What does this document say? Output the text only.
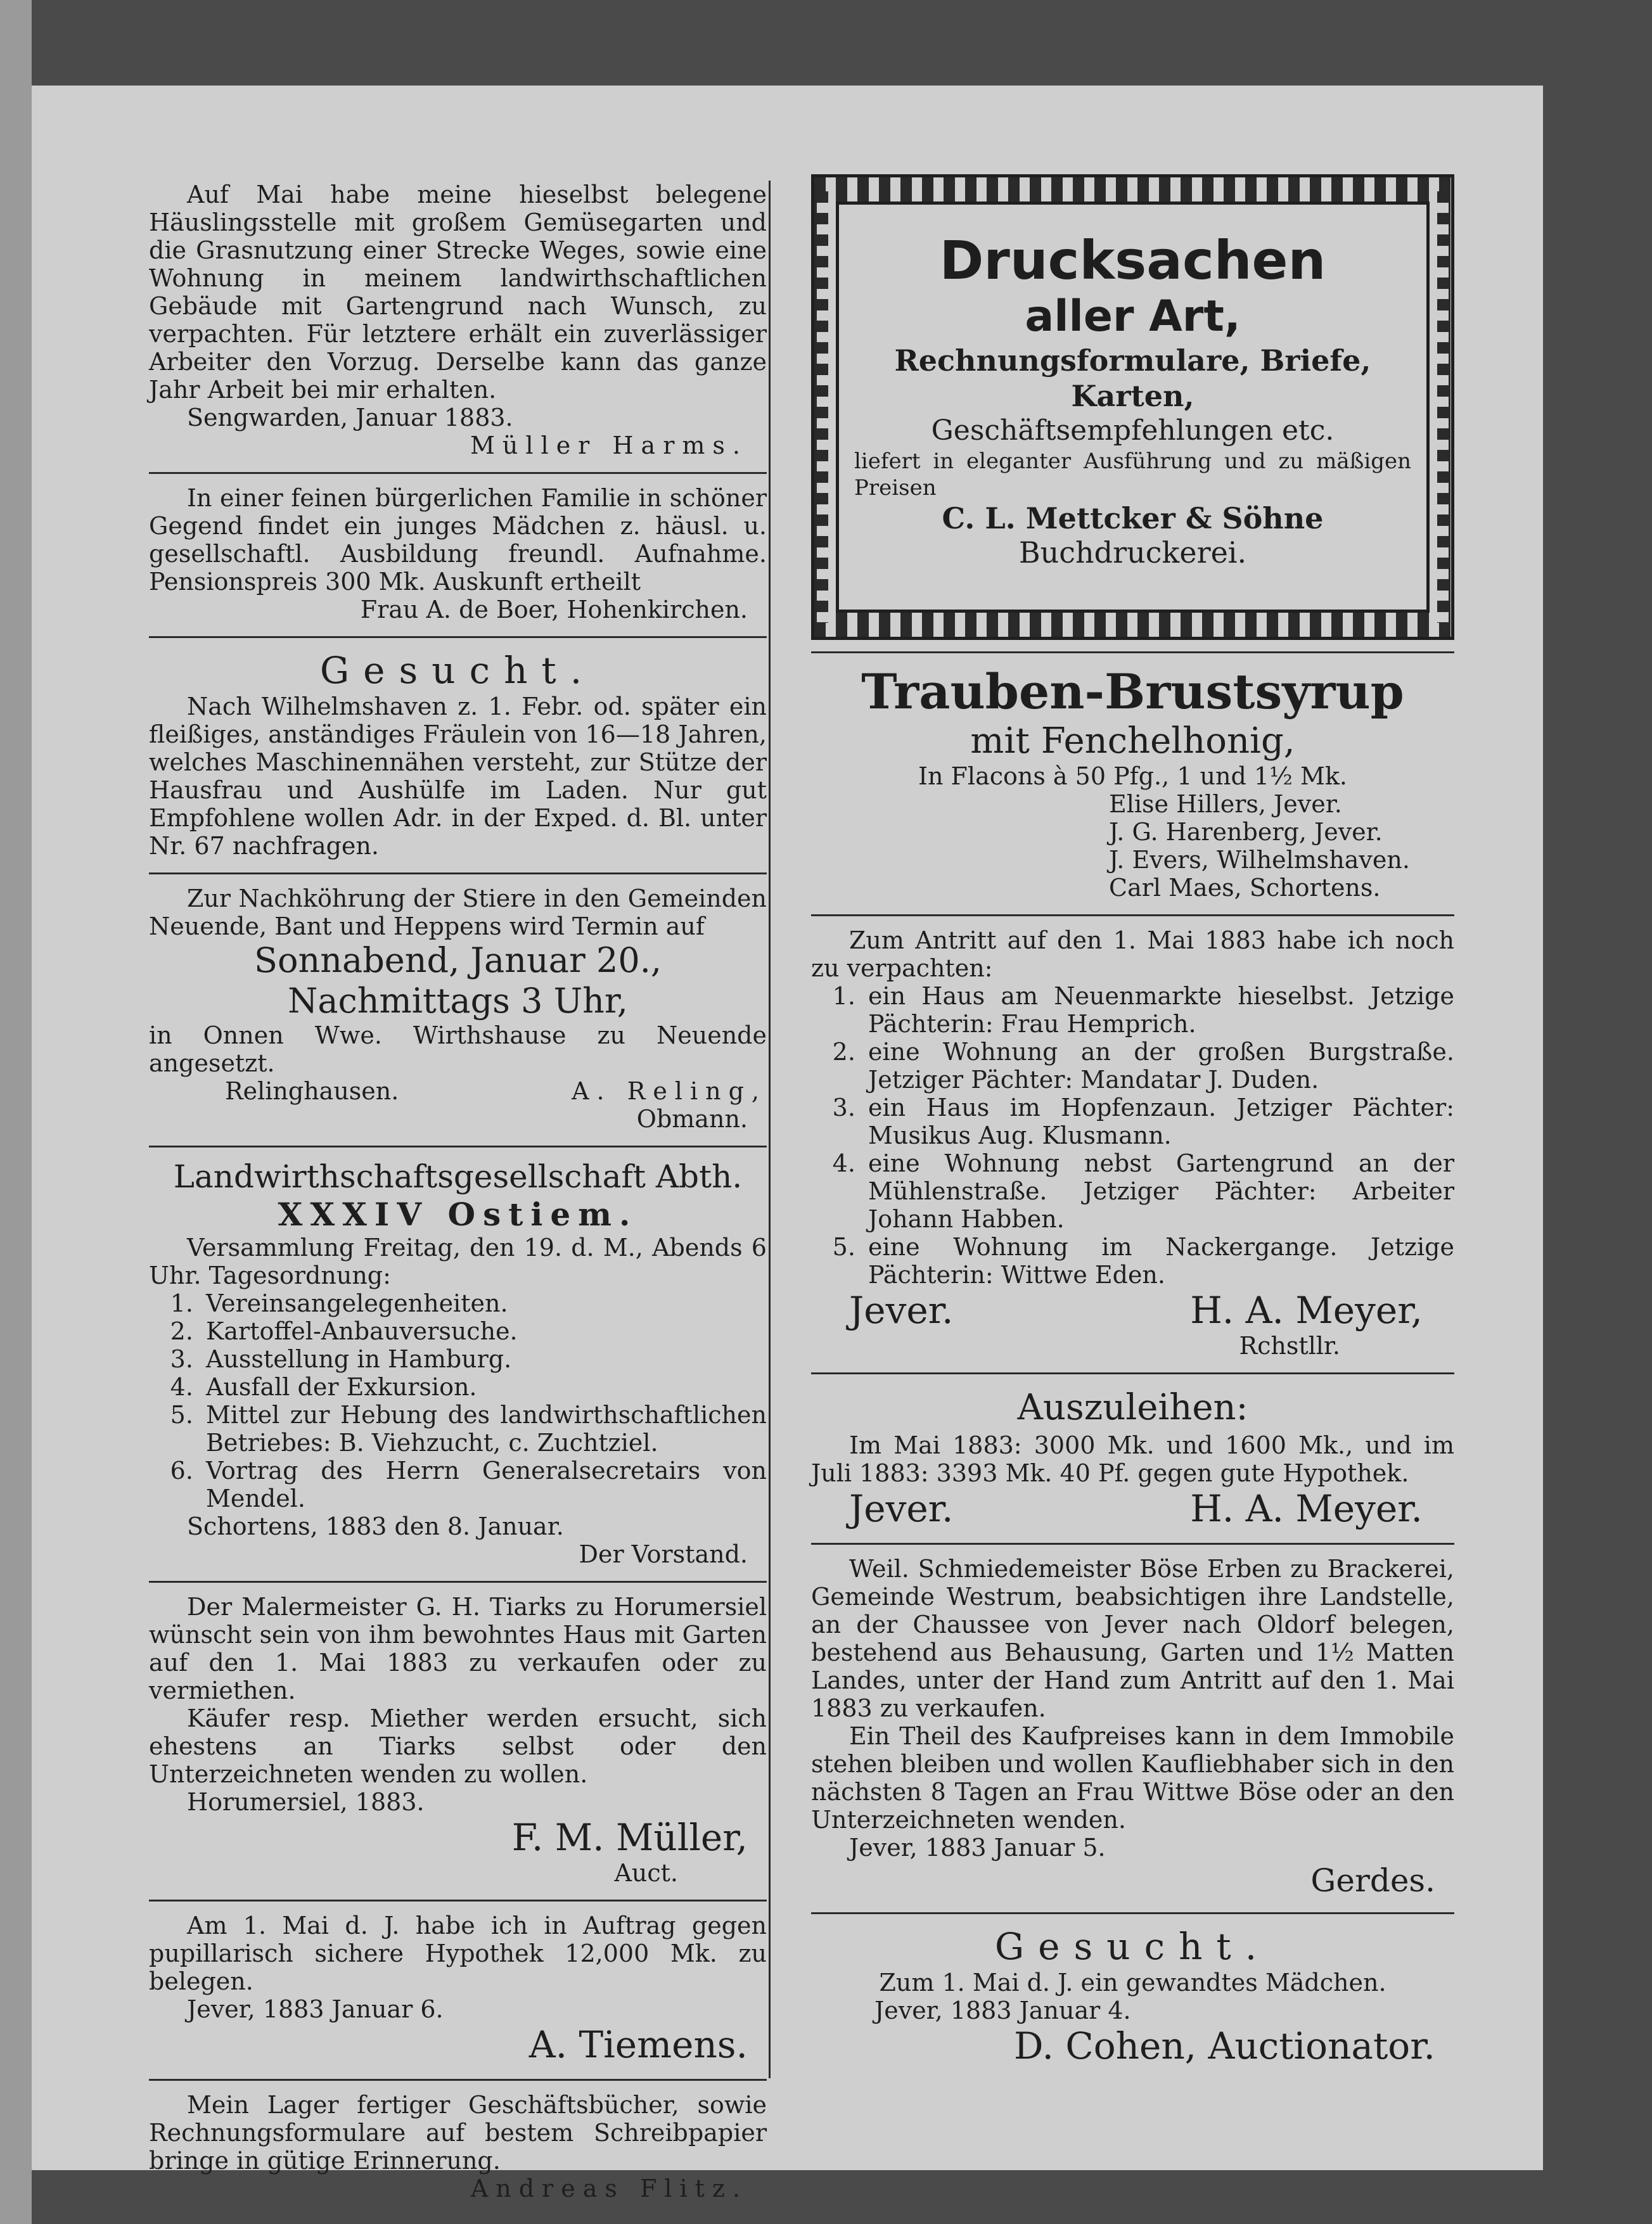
Auf Mai habe meine hieselbst belegene Häuslingsstelle mit großem Gemüsegarten und die Grasnutzung einer Strecke Weges, sowie eine Wohnung in meinem landwirthschaftlichen Gebäude mit Gartengrund nach Wunsch, zu verpachten. Für letztere erhält ein zuverlässiger Arbeiter den Vorzug. Derselbe kann das ganze Jahr Arbeit bei mir erhalten.

Sengwarden, Januar 1883.

Müller Harms.

In einer feinen bürgerlichen Familie in schöner Gegend findet ein junges Mädchen z. häusl. u. gesellschaftl. Ausbildung freundl. Aufnahme. Pensionspreis 300 Mk. Auskunft ertheilt

Frau A. de Boer, Hohenkirchen.

Gesucht.

Nach Wilhelmshaven z. 1. Febr. od. später ein fleißiges, anständiges Fräulein von 16—18 Jahren, welches Maschinennähen versteht, zur Stütze der Hausfrau und Aushülfe im Laden. Nur gut Empfohlene wollen Adr. in der Exped. d. Bl. unter Nr. 67 nachfragen.

Zur Nachköhrung der Stiere in den Gemeinden Neuende, Bant und Heppens wird Termin auf

Sonnabend, Januar 20., Nachmittags 3 Uhr,

in Onnen Wwe. Wirthshause zu Neuende angesetzt.

Relinghausen.	A. Reling,

Obmann.

Landwirthschaftsgesellschaft Abth.

XXXIV Ostiem.

Versammlung Freitag, den 19. d. M., Abends 6 Uhr. Tagesordnung:

1. Vereinsangelegenheiten.
2. Kartoffel-Anbauversuche.
3. Ausstellung in Hamburg.
4. Ausfall der Exkursion.
5. Mittel zur Hebung des landwirthschaftlichen Betriebes: B. Viehzucht, c. Zuchtziel.
6. Vortrag des Herrn Generalsecretairs von Mendel.

Schortens, 1883 den 8. Januar.

Der Vorstand.

Der Malermeister G. H. Tiarks zu Horumersiel wünscht sein von ihm bewohntes Haus mit Garten auf den 1. Mai 1883 zu verkaufen oder zu vermiethen.

Käufer resp. Miether werden ersucht, sich ehestens an Tiarks selbst oder den Unterzeichneten wenden zu wollen.

Horumersiel, 1883.

F. M. Müller,

Auct.

Am 1. Mai d. J. habe ich in Auftrag gegen pupillarisch sichere Hypothek 12,000 Mk. zu belegen.

Jever, 1883 Januar 6.

A. Tiemens.

Mein Lager fertiger Geschäftsbücher, sowie Rechnungsformulare auf bestem Schreibpapier bringe in gütige Erinnerung.

Andreas Flitz.

Drucksachen

aller Art,

Rechnungsformulare, Briefe, Karten,

Geschäftsempfehlungen etc.

liefert in eleganter Ausführung und zu mäßigen Preisen

C. L. Mettcker & Söhne

Buchdruckerei.

Trauben-Brustsyrup

mit Fenchelhonig,

In Flacons à 50 Pfg., 1 und 1½ Mk.

Elise Hillers, Jever.

J. G. Harenberg, Jever.

J. Evers, Wilhelmshaven.

Carl Maes, Schortens.

Zum Antritt auf den 1. Mai 1883 habe ich noch zu verpachten:

1. ein Haus am Neuenmarkte hieselbst. Jetzige Pächterin: Frau Hemprich.
2. eine Wohnung an der großen Burgstraße. Jetziger Pächter: Mandatar J. Duden.
3. ein Haus im Hopfenzaun. Jetziger Pächter: Musikus Aug. Klusmann.
4. eine Wohnung nebst Gartengrund an der Mühlenstraße. Jetziger Pächter: Arbeiter Johann Habben.
5. eine Wohnung im Nackergange. Jetzige Pächterin: Wittwe Eden.
Jever.	H. A. Meyer,

Rchstllr.

Auszuleihen:

Im Mai 1883: 3000 Mk. und 1600 Mk., und im Juli 1883: 3393 Mk. 40 Pf. gegen gute Hypothek.

Jever.	H. A. Meyer.

Weil. Schmiedemeister Böse Erben zu Brackerei, Gemeinde Westrum, beabsichtigen ihre Landstelle, an der Chaussee von Jever nach Oldorf belegen, bestehend aus Behausung, Garten und 1½ Matten Landes, unter der Hand zum Antritt auf den 1. Mai 1883 zu verkaufen.

Ein Theil des Kaufpreises kann in dem Immobile stehen bleiben und wollen Kaufliebhaber sich in den nächsten 8 Tagen an Frau Wittwe Böse oder an den Unterzeichneten wenden.

Jever, 1883 Januar 5.

Gerdes.

Gesucht.

Zum 1. Mai d. J. ein gewandtes Mädchen.

Jever, 1883 Januar 4.

D. Cohen, Auctionator.
